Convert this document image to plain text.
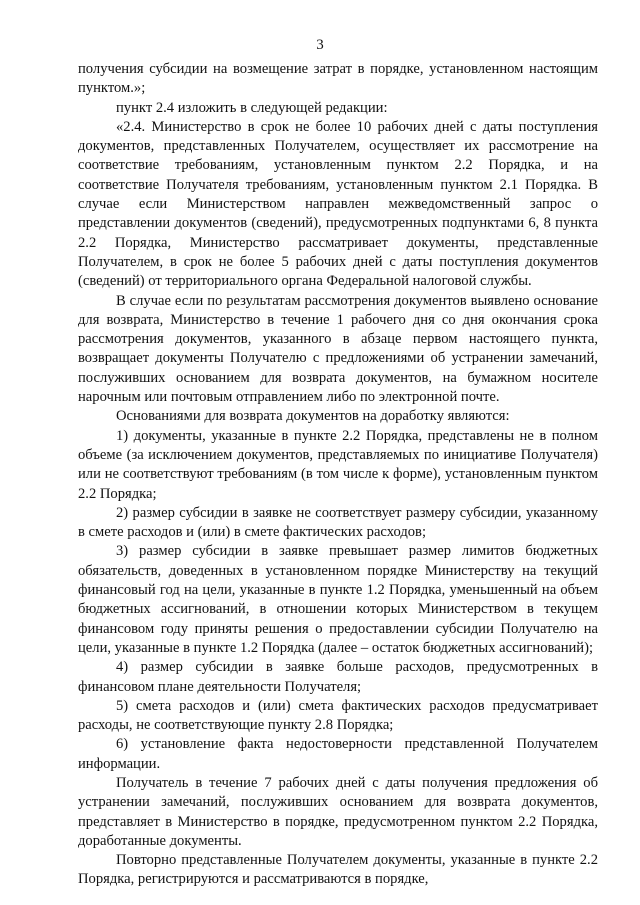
3

получения субсидии на возмещение затрат в порядке, установленном настоящим пунктом.»;

пункт 2.4 изложить в следующей редакции:

«2.4. Министерство в срок не более 10 рабочих дней с даты поступления документов, представленных Получателем, осуществляет их рассмотрение на соответствие требованиям, установленным пунктом 2.2 Порядка, и на соответствие Получателя требованиям, установленным пунктом 2.1 Порядка. В случае если Министерством направлен межведомственный запрос о представлении документов (сведений), предусмотренных подпунктами 6, 8 пункта 2.2 Порядка, Министерство рассматривает документы, представленные Получателем, в срок не более 5 рабочих дней с даты поступления документов (сведений) от территориального органа Федеральной налоговой службы.

В случае если по результатам рассмотрения документов выявлено основание для возврата, Министерство в течение 1 рабочего дня со дня окончания срока рассмотрения документов, указанного в абзаце первом настоящего пункта, возвращает документы Получателю с предложениями об устранении замечаний, послуживших основанием для возврата документов, на бумажном носителе нарочным или почтовым отправлением либо по электронной почте.

Основаниями для возврата документов на доработку являются:

1) документы, указанные в пункте 2.2 Порядка, представлены не в полном объеме (за исключением документов, представляемых по инициативе Получателя) или не соответствуют требованиям (в том числе к форме), установленным пунктом 2.2 Порядка;

2) размер субсидии в заявке не соответствует размеру субсидии, указанному в смете расходов и (или) в смете фактических расходов;

3) размер субсидии в заявке превышает размер лимитов бюджетных обязательств, доведенных в установленном порядке Министерству на текущий финансовый год на цели, указанные в пункте 1.2 Порядка, уменьшенный на объем бюджетных ассигнований, в отношении которых Министерством в текущем финансовом году приняты решения о предоставлении субсидии Получателю на цели, указанные в пункте 1.2 Порядка (далее – остаток бюджетных ассигнований);

4) размер субсидии в заявке больше расходов, предусмотренных в финансовом плане деятельности Получателя;

5) смета расходов и (или) смета фактических расходов предусматривает расходы, не соответствующие пункту 2.8 Порядка;

6) установление факта недостоверности представленной Получателем информации.

Получатель в течение 7 рабочих дней с даты получения предложения об устранении замечаний, послуживших основанием для возврата документов, представляет в Министерство в порядке, предусмотренном пунктом 2.2 Порядка, доработанные документы.

Повторно представленные Получателем документы, указанные в пункте 2.2 Порядка, регистрируются и рассматриваются в порядке,
